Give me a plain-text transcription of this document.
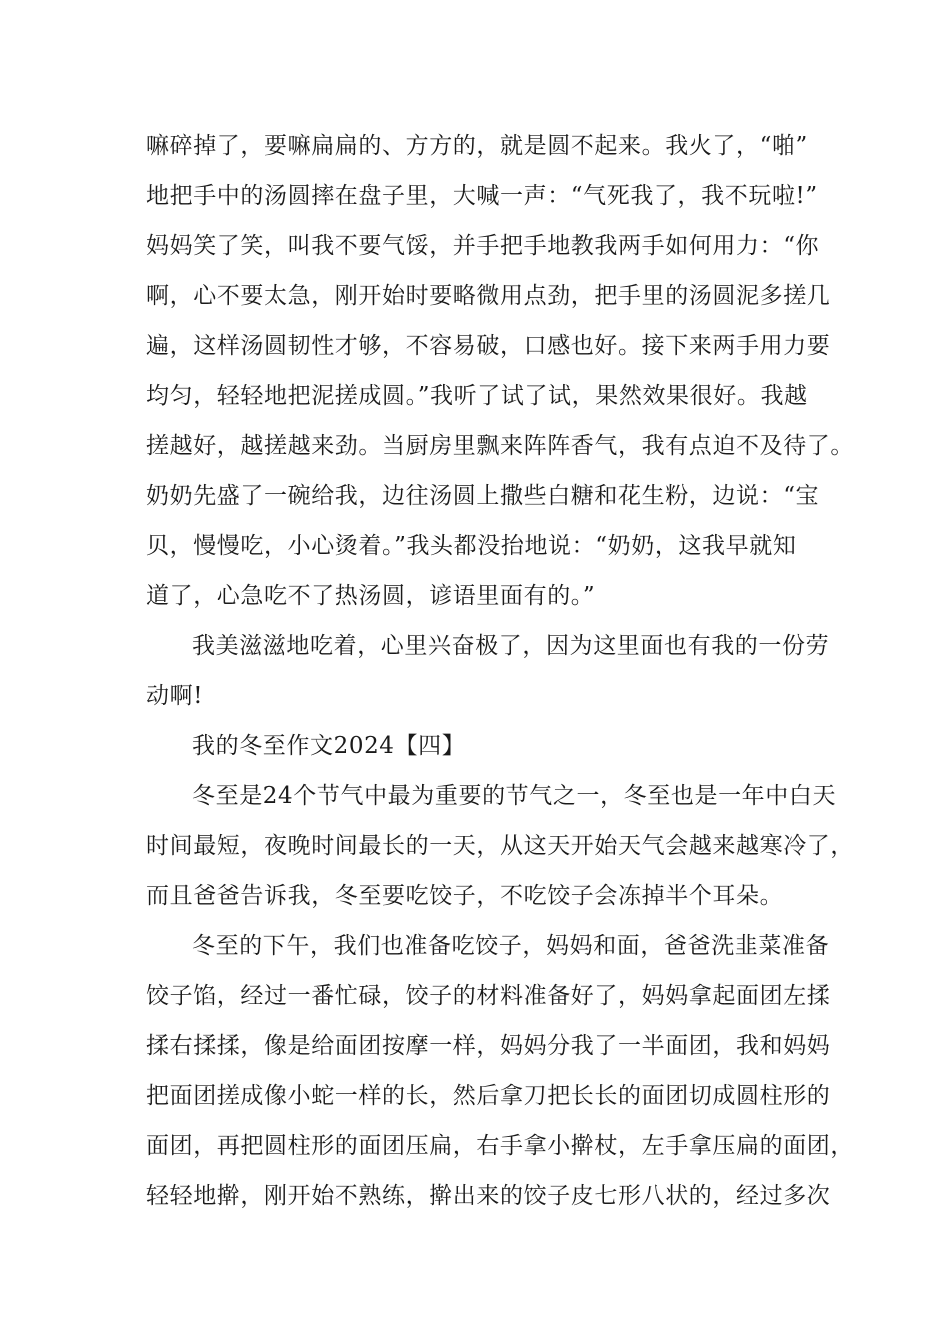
嘛碎掉了，要嘛扁扁的、方方的，就是圆不起来。我火了，“啪”
地把手中的汤圆摔在盘子里，大喊一声：“气死我了，我不玩啦!”
妈妈笑了笑，叫我不要气馁，并手把手地教我两手如何用力：“你
啊，心不要太急，刚开始时要略微用点劲，把手里的汤圆泥多搓几
遍，这样汤圆韧性才够，不容易破，口感也好。接下来两手用力要
均匀，轻轻地把泥搓成圆。”我听了试了试，果然效果很好。我越
搓越好，越搓越来劲。当厨房里飘来阵阵香气，我有点迫不及待了。
奶奶先盛了一碗给我，边往汤圆上撒些白糖和花生粉，边说：“宝
贝，慢慢吃，小心烫着。”我头都没抬地说：“奶奶，这我早就知
道了，心急吃不了热汤圆，谚语里面有的。”
我美滋滋地吃着，心里兴奋极了，因为这里面也有我的一份劳
动啊!
我的冬至作文2024【四】
冬至是24个节气中最为重要的节气之一，冬至也是一年中白天
时间最短，夜晚时间最长的一天，从这天开始天气会越来越寒冷了，
而且爸爸告诉我，冬至要吃饺子，不吃饺子会冻掉半个耳朵。
冬至的下午，我们也准备吃饺子，妈妈和面，爸爸洗韭菜准备
饺子馅，经过一番忙碌，饺子的材料准备好了，妈妈拿起面团左揉
揉右揉揉，像是给面团按摩一样，妈妈分我了一半面团，我和妈妈
把面团搓成像小蛇一样的长，然后拿刀把长长的面团切成圆柱形的
面团，再把圆柱形的面团压扁，右手拿小擀杖，左手拿压扁的面团，
轻轻地擀，刚开始不熟练，擀出来的饺子皮七形八状的，经过多次
